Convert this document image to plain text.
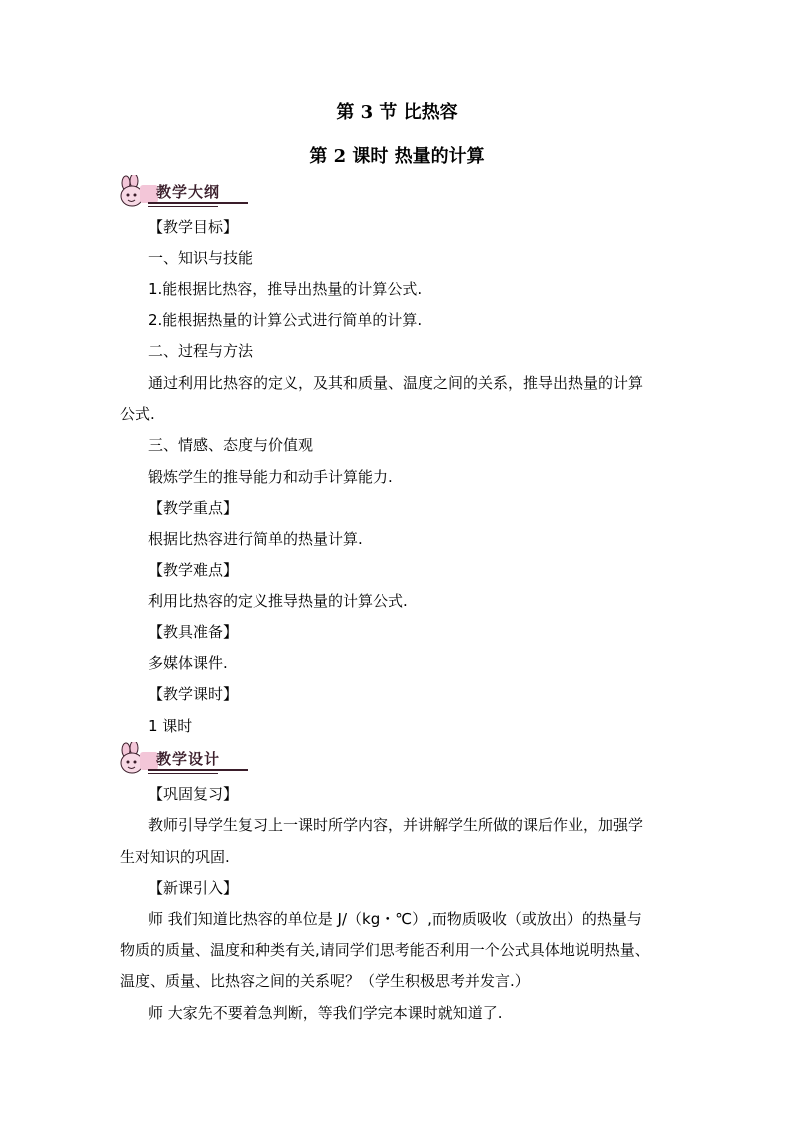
第 3 节 比热容
第 2 课时 热量的计算
教学大纲
【教学目标】
一、知识与技能
1.能根据比热容，推导出热量的计算公式.
2.能根据热量的计算公式进行简单的计算.
二、过程与方法
通过利用比热容的定义，及其和质量、温度之间的关系，推导出热量的计算
公式.
三、情感、态度与价值观
锻炼学生的推导能力和动手计算能力.
【教学重点】
根据比热容进行简单的热量计算.
【教学难点】
利用比热容的定义推导热量的计算公式.
【教具准备】
多媒体课件.
【教学课时】
1 课时
教学设计
【巩固复习】
教师引导学生复习上一课时所学内容，并讲解学生所做的课后作业，加强学
生对知识的巩固.
【新课引入】
师 我们知道比热容的单位是 J/（kg・℃）,而物质吸收（或放出）的热量与
物质的质量、温度和种类有关,请同学们思考能否利用一个公式具体地说明热量、
温度、质量、比热容之间的关系呢？（学生积极思考并发言.）
师 大家先不要着急判断，等我们学完本课时就知道了.
